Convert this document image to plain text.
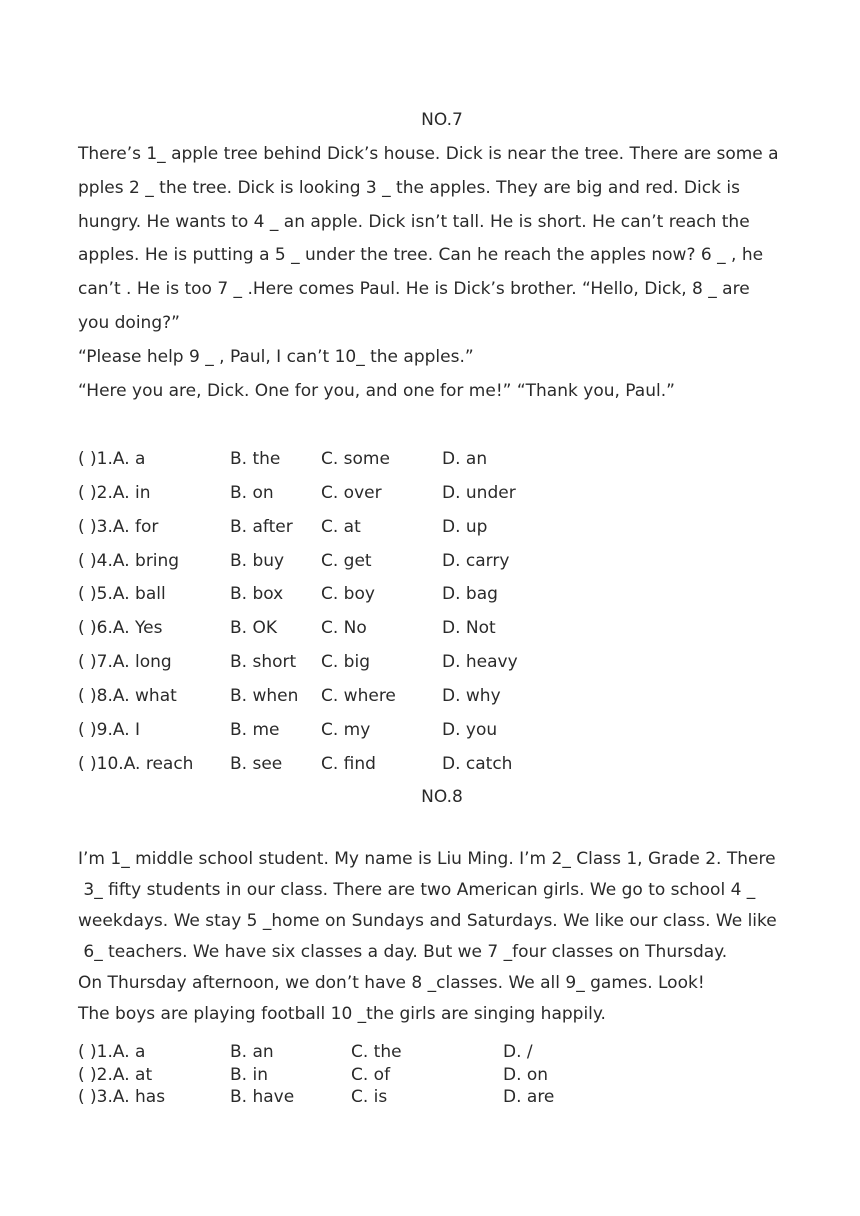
NO.7
There’s 1_ apple tree behind Dick’s house. Dick is near the tree. There are some a
pples 2 _ the tree. Dick is looking 3 _ the apples. They are big and red. Dick is
hungry. He wants to 4 _ an apple. Dick isn’t tall. He is short. He can’t reach the
apples. He is putting a 5 _ under the tree. Can he reach the apples now? 6 _ , he
can’t . He is too 7 _ .Here comes Paul. He is Dick’s brother. “Hello, Dick, 8 _ are
you doing?”
“Please help 9 _ , Paul, I can’t 10_ the apples.”
“Here you are, Dick. One for you, and one for me!” “Thank you, Paul.”
( )1.A. a	B. the C. some	D. an
( )2.A. in	B. on	C. over	D. under
( )3.A. for	B. after C. at	D. up
( )4.A. bring	B. buy C. get	D. carry
( )5.A. ball	B. box C. boy	D. bag
( )6.A. Yes	B. OK	C. No	D. Not
( )7.A. long	B. short C. big	D. heavy
( )8.A. what	B. when C. where	D. why
( )9.A. I	B. me C. my	D. you
( )10.A. reach B. see C. find	D. catch
NO.8
I’m 1_ middle school student. My name is Liu Ming. I’m 2_ Class 1, Grade 2. There
3_ fifty students in our class. There are two American girls. We go to school 4 _
weekdays. We stay 5 _home on Sundays and Saturdays. We like our class. We like
6_ teachers. We have six classes a day. But we 7 _four classes on Thursday.
On Thursday afternoon, we don’t have 8 _classes. We all 9_ games. Look!
The boys are playing football 10 _the girls are singing happily.
( )1.A. a	B. an	C. the	D. /
( )2.A. at	B. in	C. of	D. on
( )3.A. has	B. have	C. is	D. are
